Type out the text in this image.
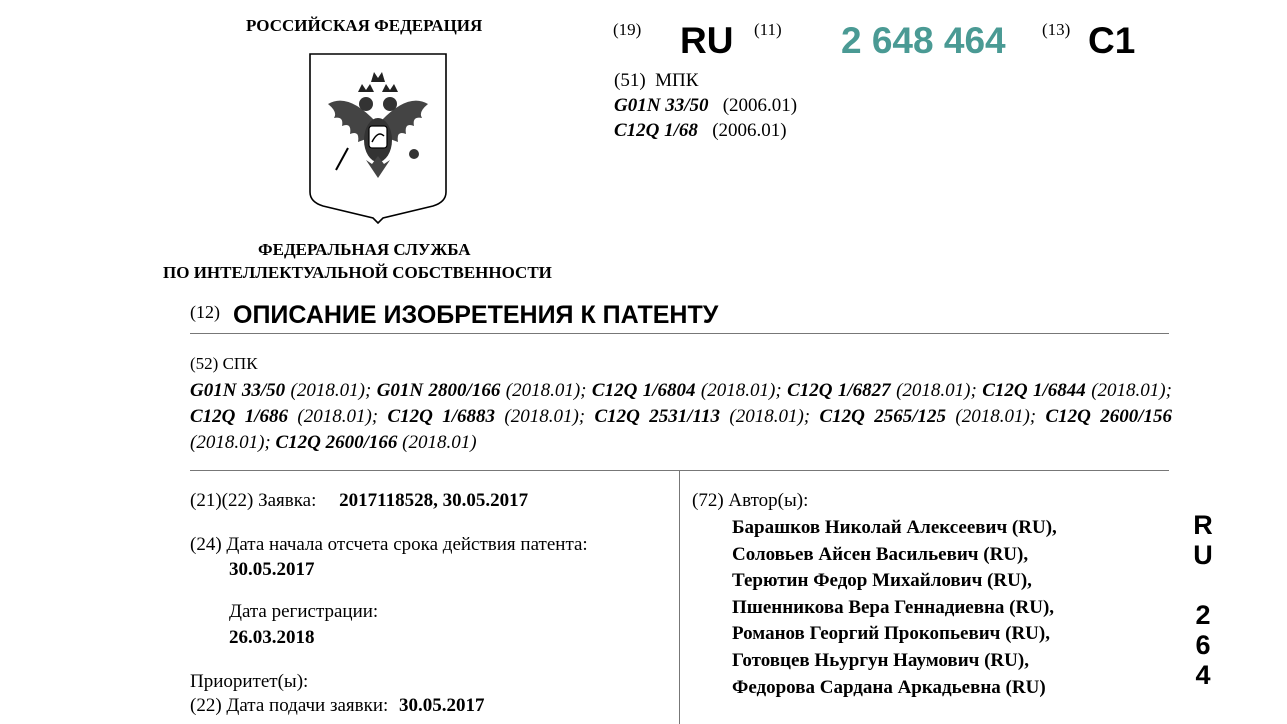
РОССИЙСКАЯ ФЕДЕРАЦИЯ
ФЕДЕРАЛЬНАЯ СЛУЖБА
ПО ИНТЕЛЛЕКТУАЛЬНОЙ СОБСТВЕННОСТИ
(19) RU (11) 2 648 464 (13) C1
(51) МПК
G01N 33/50 (2006.01)
C12Q 1/68 (2006.01)
(12) ОПИСАНИЕ ИЗОБРЕТЕНИЯ К ПАТЕНТУ
(52) СПК
G01N 33/50 (2018.01); G01N 2800/166 (2018.01); C12Q 1/6804 (2018.01); C12Q 1/6827 (2018.01); C12Q 1/6844 (2018.01); C12Q 1/686 (2018.01); C12Q 1/6883 (2018.01); C12Q 2531/113 (2018.01); C12Q 2565/125 (2018.01); C12Q 2600/156 (2018.01); C12Q 2600/166 (2018.01)
(21)(22) Заявка: 2017118528, 30.05.2017
(24) Дата начала отсчета срока действия патента:
30.05.2017
Дата регистрации:
26.03.2018
Приоритет(ы):
(22) Дата подачи заявки: 30.05.2017
(72) Автор(ы):
Барашков Николай Алексеевич (RU),
Соловьев Айсен Васильевич (RU),
Терютин Федор Михайлович (RU),
Пшенникова Вера Геннадиевна (RU),
Романов Георгий Прокопьевич (RU),
Готовцев Ньургун Наумович (RU),
Федорова Сардана Аркадьевна (RU)
R
U
2
6
4
